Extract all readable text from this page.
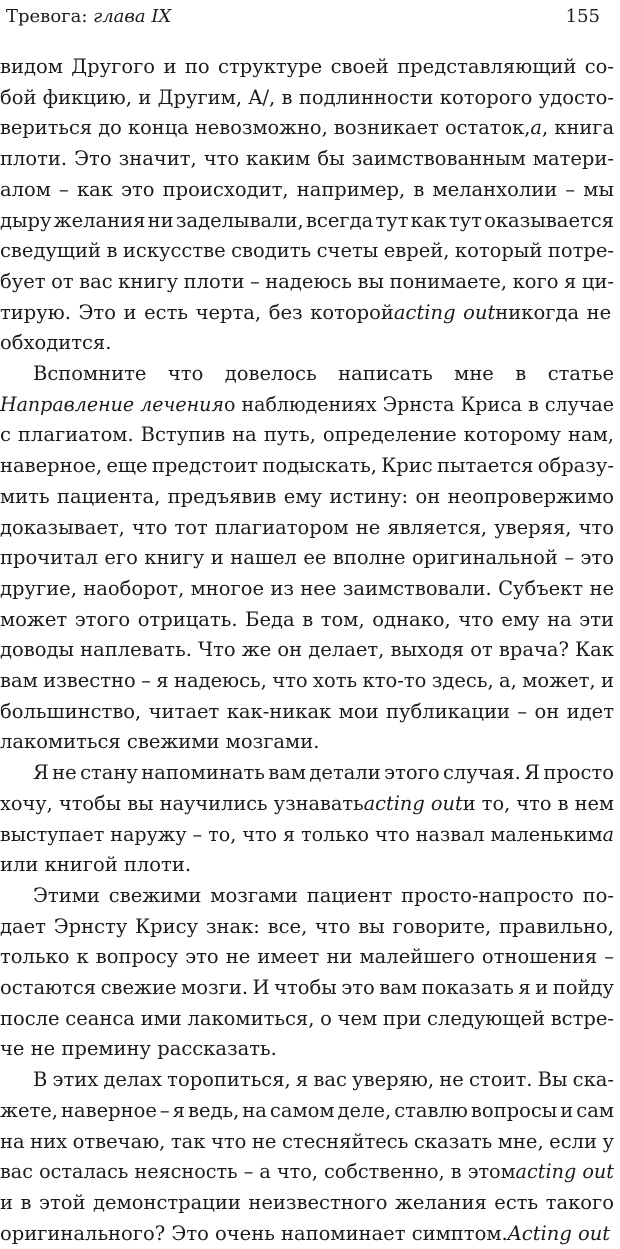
Тревога: глава IX	155
видом Другого и по структуре своей представляющий со-
бой фикцию, и Другим, A/, в подлинности которого удосто-
вериться до конца невозможно, возникает остаток,a, книга
плоти. Это значит, что каким бы заимствованным матери-
алом – как это происходит, например, в меланхолии – мы
дыру желания ни заделывали, всегда тут как тут оказывается
сведущий в искусстве сводить счеты еврей, который потре-
бует от вас книгу плоти – надеюсь вы понимаете, кого я ци-
тирую. Это и есть черта, без которойacting outникогда не
обходится.
Вспомните что довелось написать мне в статье
Направление леченияо наблюдениях Эрнста Криса в случае
с плагиатом. Вступив на путь, определение которому нам,
наверное, еще предстоит подыскать, Крис пытается образу-
мить пациента, предъявив ему истину: он неопровержимо
доказывает, что тот плагиатором не является, уверяя, что
прочитал его книгу и нашел ее вполне оригинальной – это
другие, наоборот, многое из нее заимствовали. Субъект не
может этого отрицать. Беда в том, однако, что ему на эти
доводы наплевать. Что же он делает, выходя от врача? Как
вам известно – я надеюсь, что хоть кто-то здесь, а, может, и
большинство, читает как-никак мои публикации – он идет
лакомиться свежими мозгами.
Я не стану напоминать вам детали этого случая. Я просто
хочу, чтобы вы научились узнаватьacting outи то, что в нем
выступает наружу – то, что я только что назвал маленькимa
или книгой плоти.
Этими свежими мозгами пациент просто-напросто по-
дает Эрнсту Крису знак: все, что вы говорите, правильно,
только к вопросу это не имеет ни малейшего отношения –
остаются свежие мозги. И чтобы это вам показать я и пойду
после сеанса ими лакомиться, о чем при следующей встре-
че не премину рассказать.
В этих делах торопиться, я вас уверяю, не стоит. Вы ска-
жете, наверное – я ведь, на самом деле, ставлю вопросы и сам
на них отвечаю, так что не стесняйтесь сказать мне, если у
вас осталась неясность – а что, собственно, в этомacting out
и в этой демонстрации неизвестного желания есть такого
оригинального? Это очень напоминает симптом.Acting out
